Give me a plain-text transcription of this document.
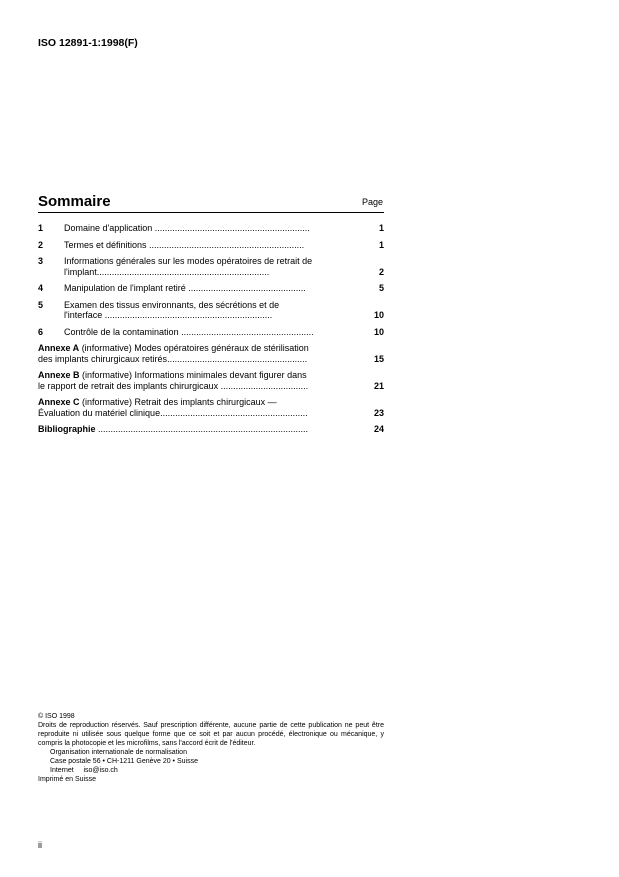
ISO 12891-1:1998(F)
Sommaire	Page
1 Domaine d'application ..............................................................	1
2 Termes et définitions ..............................................................	1
3 Informations générales sur les modes opératoires de retrait de
l'implant.....................................................................	2
4 Manipulation de l'implant retiré ...............................................	5
5 Examen des tissus environnants, des sécrétions et de
l'interface ...................................................................	10
6 Contrôle de la contamination .....................................................	10
Annexe A (informative) Modes opératoires généraux de stérilisation
des implants chirurgicaux retirés........................................................	15
Annexe B (informative) Informations minimales devant figurer dans
le rapport de retrait des implants chirurgicaux ...................................	21
Annexe C (informative) Retrait des implants chirurgicaux —
Évaluation du matériel clinique...........................................................	23
Bibliographie ....................................................................................	24
© ISO 1998
Droits de reproduction réservés. Sauf prescription différente, aucune partie de cette publication ne peut être reproduite ni utilisée sous quelque forme que ce soit et par aucun procédé, électronique ou mécanique, y compris la photocopie et les microfilms, sans l'accord écrit de l'éditeur.
Organisation internationale de normalisation
Case postale 56 • CH-1211 Genève 20 • Suisse
Internet     iso@iso.ch
Imprimé en Suisse
ii
